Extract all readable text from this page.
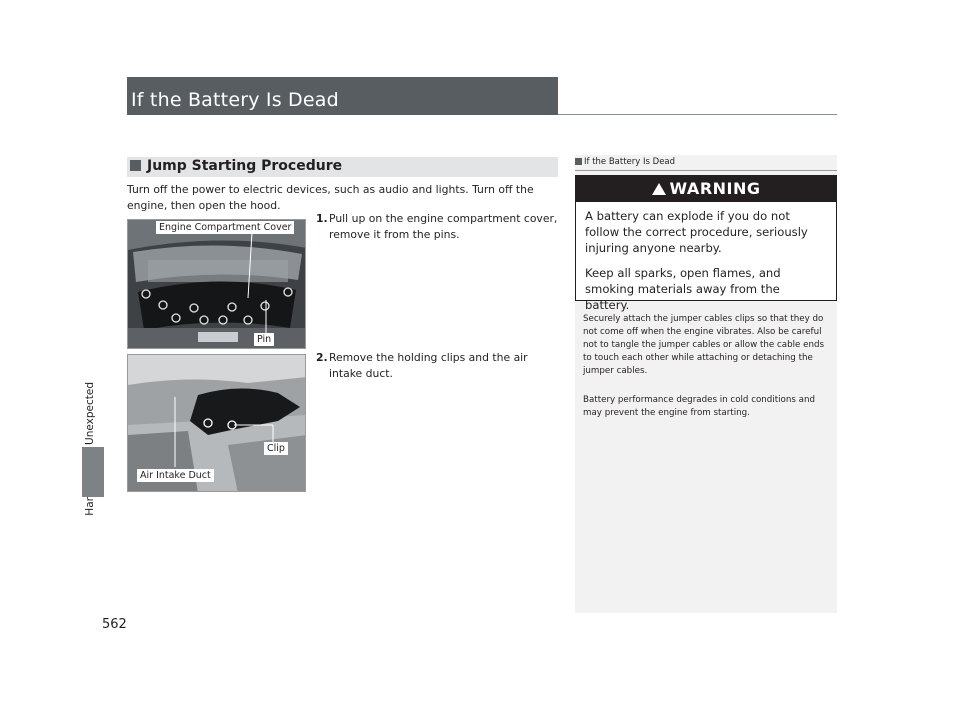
If the Battery Is Dead
562
Jump Starting Procedure
Turn off the power to electric devices, such as audio and lights. Turn off the engine, then open the hood.
Engine Compartment Cover
Pin
Clip
Air Intake Duct
1. Pull up on the engine compartment cover, remove it from the pins.
2. Remove the holding clips and the air intake duct.
If the Battery Is Dead
WARNING

A battery can explode if you do not follow the correct procedure, seriously injuring anyone nearby.

Keep all sparks, open flames, and smoking materials away from the battery.

Securely attach the jumper cables clips so that they do not come off when the engine vibrates. Also be careful not to tangle the jumper cables or allow the cable ends to touch each other while attaching or detaching the jumper cables.
Battery performance degrades in cold conditions and may prevent the engine from starting.
